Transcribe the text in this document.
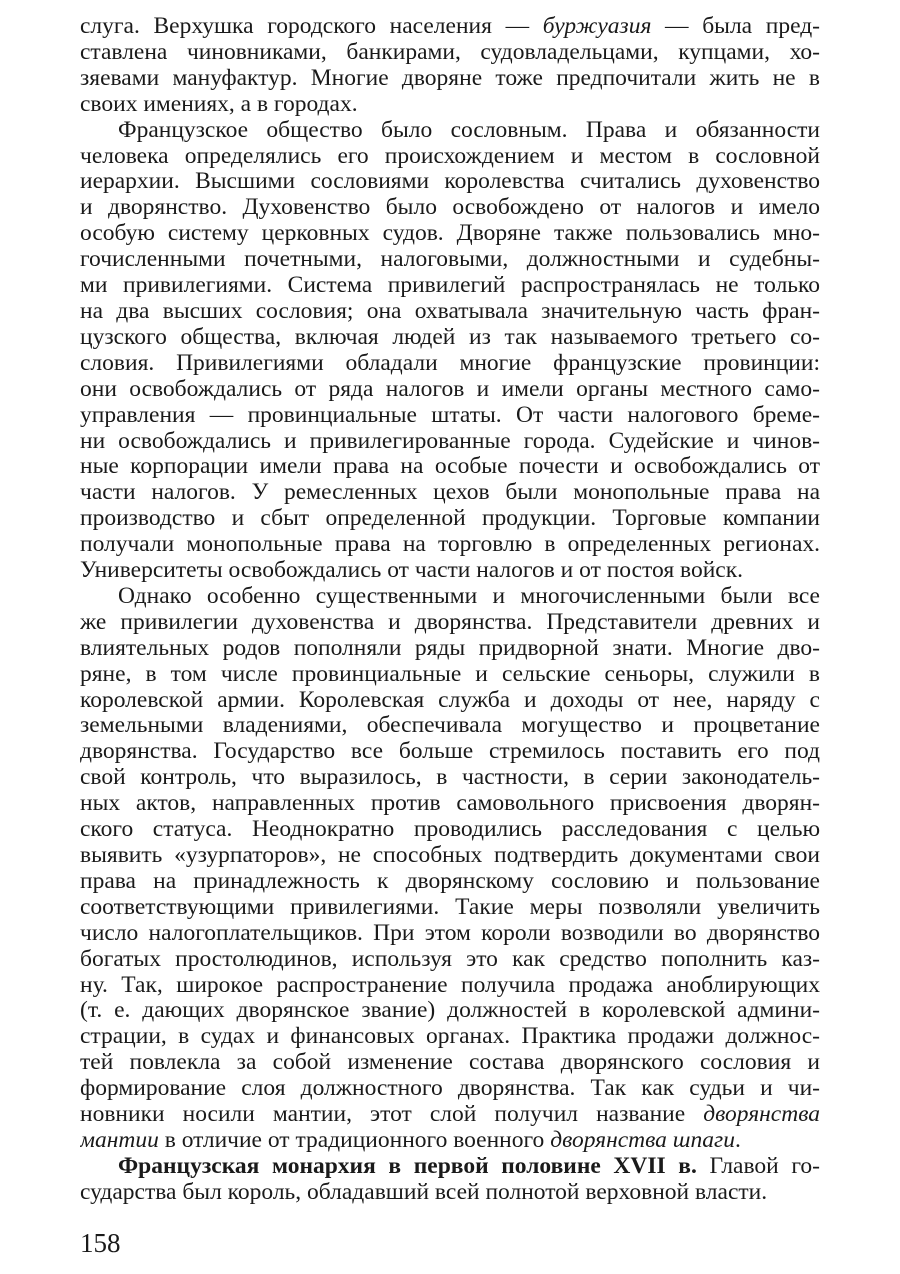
слуга. Верхушка городского населения — буржуазия — была пред -
ставлена чиновниками, банкирами, судовладельцами, купцами, хо -
зяевами мануфактур. Многие дворяне тоже предпочитали жить не в
своих имениях, а в городах.
Французское общество было сословным. Права и обязанности
человека определялись его происхождением и местом в сословной
иерархии. Высшими сословиями королевства считались духовенство
и дворянство. Духовенство было освобождено от налогов и имело
особую систему церковных судов. Дворяне также пользовались мно -
гочисленными почетными, налоговыми, должностными и судебны -
ми привилегиями. Система привилегий распространялась не только
на два высших сословия; она охватывала значительную часть фран -
цузского общества, включая людей из так называемого третьего со -
словия. Привилегиями обладали многие французские провинции:
они освобождались от ряда налогов и имели органы местного само -
управления — провинциальные штаты. От части налогового бреме -
ни освобождались и привилегированные города. Судейские и чинов -
ные корпорации имели права на особые почести и освобождались от
части налогов. У ремесленных цехов были монопольные права на
производство и сбыт определенной продукции. Торговые компании
получали монопольные права на торговлю в определенных регионах.
Университеты освобождались от части налогов и от постоя войск.
Однако особенно существенными и многочисленными были все
же привилегии духовенства и дворянства. Представители древних и
влиятельных родов пополняли ряды придворной знати. Многие дво -
ряне, в том числе провинциальные и сельские сеньоры, служили в
королевской армии. Королевская служба и доходы от нее, наряду с
земельными владениями, обеспечивала могущество и процветание
дворянства. Государство все больше стремилось поставить его под
свой контроль, что выразилось, в частности, в серии законодатель -
ных актов, направленных против самовольного присвоения дворян -
ского статуса. Неоднократно проводились расследования с целью
выявить «узурпаторов», не способных подтвердить документами свои
права на принадлежность к дворянскому сословию и пользование
соответствующими привилегиями. Такие меры позволяли увеличить
число налогоплательщиков. При этом короли возводили во дворянство
богатых простолюдинов, используя это как средство пополнить каз -
ну. Так, широкое распространение получила продажа аноблирующих
(т. е. дающих дворянское звание) должностей в королевской админи -
страции, в судах и финансовых органах. Практика продажи должнос -
тей повлекла за собой изменение состава дворянского сословия и
формирование слоя должностного дворянства. Так как судьи и чи -
новники носили мантии, этот слой получил название дворянства
мантии в отличие от традиционного военного дворянства шпаги.
Французская монархия в первой половине XVII в. Главой го -
сударства был король, обладавший всей полнотой верховной власти.
158
